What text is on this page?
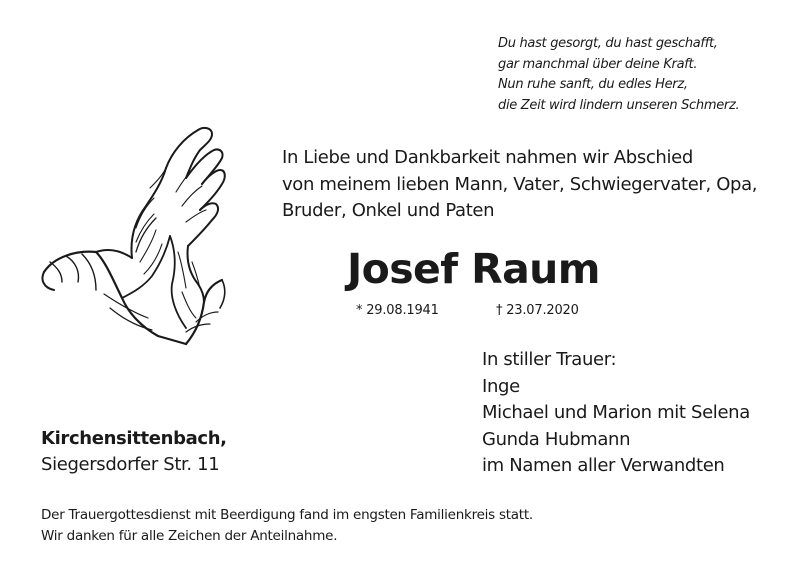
Du hast gesorgt, du hast geschafft,
gar manchmal über deine Kraft.
Nun ruhe sanft, du edles Herz,
die Zeit wird lindern unseren Schmerz.
In Liebe und Dankbarkeit nahmen wir Abschied
von meinem lieben Mann, Vater, Schwiegervater, Opa,
Bruder, Onkel und Paten
Josef Raum
* 29.08.1941	† 23.07.2020
In stiller Trauer:
Inge
Michael und Marion mit Selena
Gunda Hubmann
im Namen aller Verwandten
Kirchensittenbach,
Siegersdorfer Str. 11
Der Trauergottesdienst mit Beerdigung fand im engsten Familienkreis statt.
Wir danken für alle Zeichen der Anteilnahme.
